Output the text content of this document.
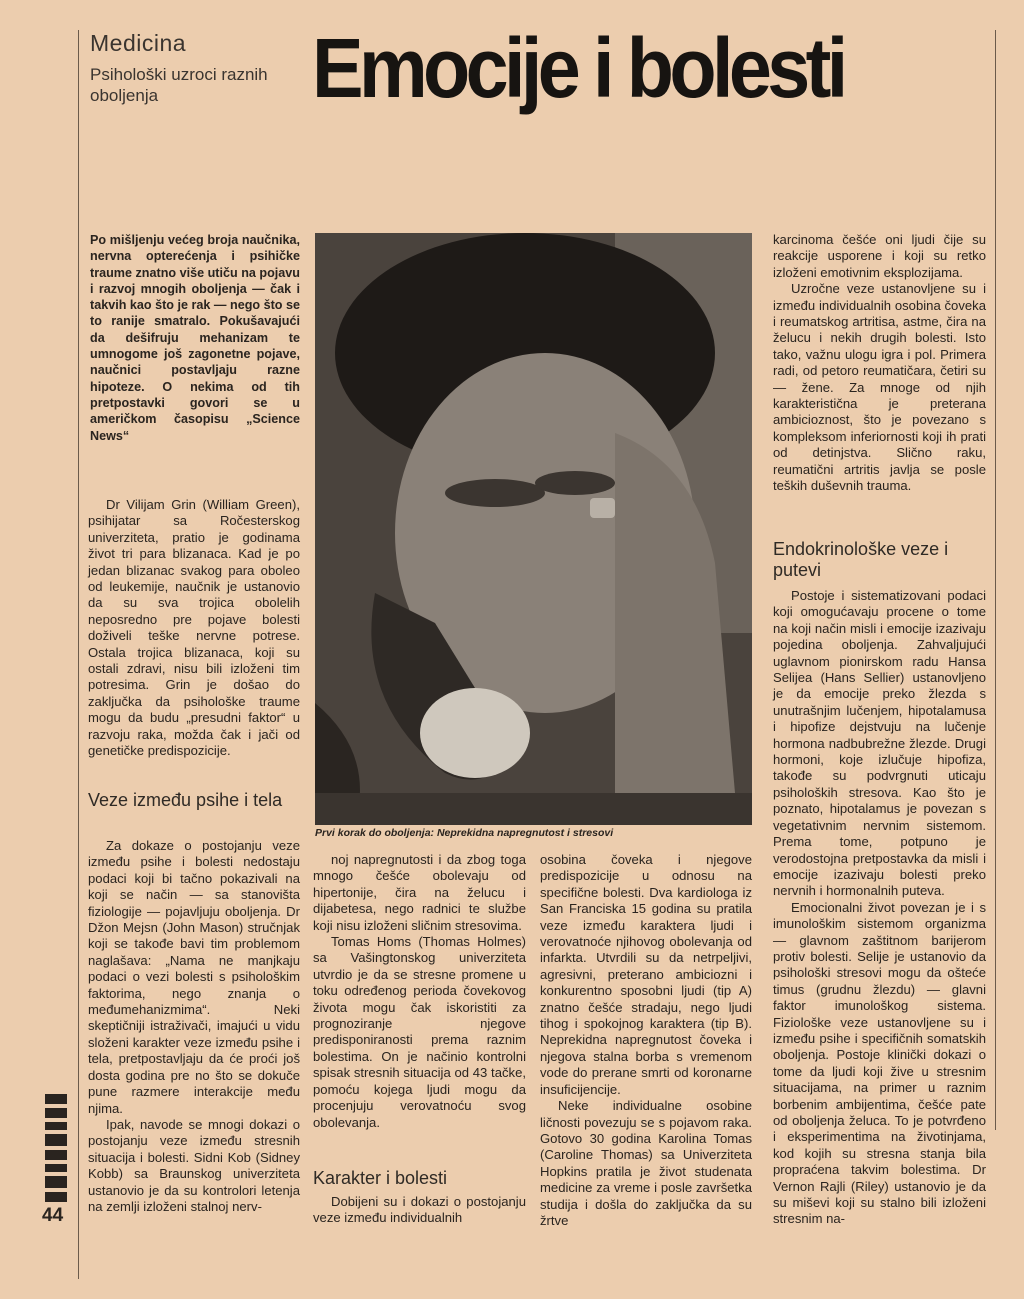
Medicina
Psihološki uzroci raznih oboljenja	Emocije i bolesti
Po mišljenju većeg broja naučnika, nervna opterećenja i psihičke traume znatno više utiču na pojavu i razvoj mnogih oboljenja — čak i takvih kao što je rak — nego što se to ranije smatralo. Pokušavajući da dešifruju mehanizam te umnogome još zagonetne pojave, naučnici postavljaju razne hipoteze. O nekima od tih pretpostavki govori se u američkom časopisu „Science News“

Dr Vilijam Grin (William Green), psihijatar sa Ročesterskog univerziteta, pratio je godinama život tri para blizanaca. Kad je po jedan blizanac svakog para oboleo od leukemije, naučnik je ustanovio da su sva trojica obolelih neposredno pre pojave bolesti doživeli teške nervne potrese. Ostala trojica blizanaca, koji su ostali zdravi, nisu bili izloženi tim potresima. Grin je došao do zaključka da psihološke traume mogu da budu „presudni faktor“ u razvoju raka, možda čak i jači od genetičke predispozicije.

Veze između psihe i tela

Za dokaze o postojanju veze između psihe i bolesti nedostaju podaci koji bi tačno pokazivali na koji se način — sa stanovišta fiziologije — pojavljuju oboljenja. Dr Džon Mejsn (John Mason) stručnjak koji se takođe bavi tim problemom naglašava: „Nama ne manjkaju podaci o vezi bolesti s psihološkim faktorima, nego znanja o međumehanizmima“. Neki skeptičniji istraživači, imajući u vidu složeni karakter veze između psihe i tela, pretpostavljaju da će proći još dosta godina pre no što se dokuče pune razmere interakcije među njima.

Ipak, navode se mnogi dokazi o postojanju veze između stresnih situacija i bolesti. Sidni Kob (Sidney Kobb) sa Braunskog univerziteta ustanovio je da su kontrolori letenja na zemlji izloženi stalnoj nerv-

Prvi korak do oboljenja: Neprekidna napregnutost i stresovi

noj napregnutosti i da zbog toga mnogo češće obolevaju od hipertonije, čira na želucu i dijabetesa, nego radnici te službe koji nisu izloženi sličnim stresovima.

Tomas Homs (Thomas Holmes) sa Vašingtonskog univerziteta utvrdio je da se stresne promene u toku određenog perioda čovekovog života mogu čak iskoristiti za prognoziranje njegove predisponiranosti prema raznim bolestima. On je načinio kontrolni spisak stresnih situacija od 43 tačke, pomoću kojega ljudi mogu da procenjuju verovatnoću svog obolevanja.

Karakter i bolesti

Dobijeni su i dokazi o postojanju veze između individualnih

osobina čoveka i njegove predispozicije u odnosu na specifične bolesti. Dva kardiologa iz San Franciska 15 godina su pratila veze između karaktera ljudi i verovatnoće njihovog obolevanja od infarkta. Utvrdili su da netrpeljivi, agresivni, preterano ambiciozni i konkurentno sposobni ljudi (tip A) znatno češće stradaju, nego ljudi tihog i spokojnog karaktera (tip B). Neprekidna napregnutost čoveka i njegova stalna borba s vremenom vode do prerane smrti od koronarne insuficijencije.

Neke individualne osobine ličnosti povezuju se s pojavom raka. Gotovo 30 godina Karolina Tomas (Caroline Thomas) sa Univerziteta Hopkins pratila je život studenata medicine za vreme i posle završetka studija i došla do zaključka da su žrtve

karcinoma češće oni ljudi čije su reakcije usporene i koji su retko izloženi emotivnim eksplozijama.

Uzročne veze ustanovljene su i između individualnih osobina čoveka i reumatskog artritisa, astme, čira na želucu i nekih drugih bolesti. Isto tako, važnu ulogu igra i pol. Primera radi, od petoro reumatičara, četiri su — žene. Za mnoge od njih karakteristična je preterana ambicioznost, što je povezano s kompleksom inferiornosti koji ih prati od detinjstva. Slično raku, reumatični artritis javlja se posle teških duševnih trauma.

Endokrinološke veze i putevi

Postoje i sistematizovani podaci koji omogućavaju procene o tome na koji način misli i emocije izazivaju pojedina oboljenja. Zahvaljujući uglavnom pionirskom radu Hansa Selijea (Hans Sellier) ustanovljeno je da emocije preko žlezda s unutrašnjim lučenjem, hipotalamusa i hipofize dejstvuju na lučenje hormona nadbubrežne žlezde. Drugi hormoni, koje izlučuje hipofiza, takođe su podvrgnuti uticaju psiholoških stresova. Kao što je poznato, hipotalamus je povezan s vegetativnim nervnim sistemom. Prema tome, potpuno je verodostojna pretpostavka da misli i emocije izazivaju bolesti preko nervnih i hormonalnih puteva.

Emocionalni život povezan je i s imunološkim sistemom organizma — glavnom zaštitnom barijerom protiv bolesti. Selije je ustanovio da psihološki stresovi mogu da ošteće timus (grudnu žlezdu) — glavni faktor imunološkog sistema. Fiziološke veze ustanovljene su i između psihe i specifičnih somatskih oboljenja. Postoje klinički dokazi o tome da ljudi koji žive u stresnim situacijama, na primer u raznim borbenim ambijentima, češće pate od oboljenja želuca. To je potvrđeno i eksperimentima na životinjama, kod kojih su stresna stanja bila propraćena takvim bolestima. Dr Vernon Rajli (Riley) ustanovio je da su miševi koji su stalno bili izloženi stresnim na-

44
